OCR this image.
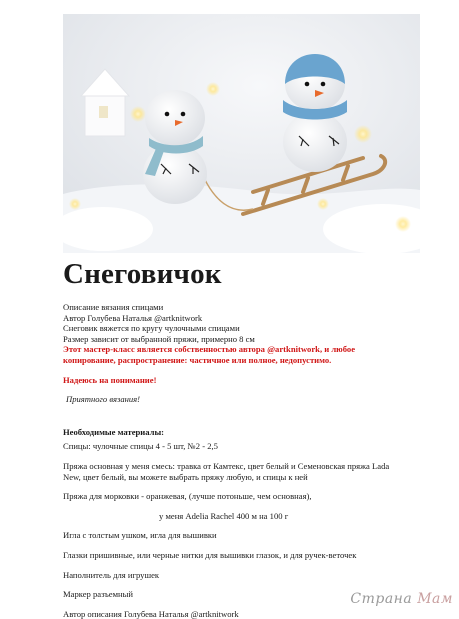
Снеговичок

Описание вязания спицами

Автор Голубева Наталья @artknitwork

Снеговик вяжется по кругу чулочными спицами

Размер зависит от выбранной пряжи, примерно 8 см

Этот мастер-класс является собственностью автора @artknitwork, и любое

копирование, распространение: частичное или полное, недопустимо.

Надеюсь на понимание!

Приятного вязания!

Необходимые материалы:

Спицы: чулочные спицы 4 - 5 шт, №2 - 2,5

Пряжа основная у меня смесь: травка от Камтекс, цвет белый и Семеновская пряжа Lada

New, цвет белый, вы можете выбрать пряжу любую, и спицы к ней

Пряжа для морковки - оранжевая, (лучше потоньше, чем основная),

у меня Adelia Rachel 400 м на 100 г

Игла с толстым ушком, игла для вышивки

Глазки пришивные, или черные нитки для вышивки глазок, и для ручек-веточек

Наполнитель для игрушек

Маркер разъемный

Автор описания Голубева Наталья @artknitwork

Страна Мам
